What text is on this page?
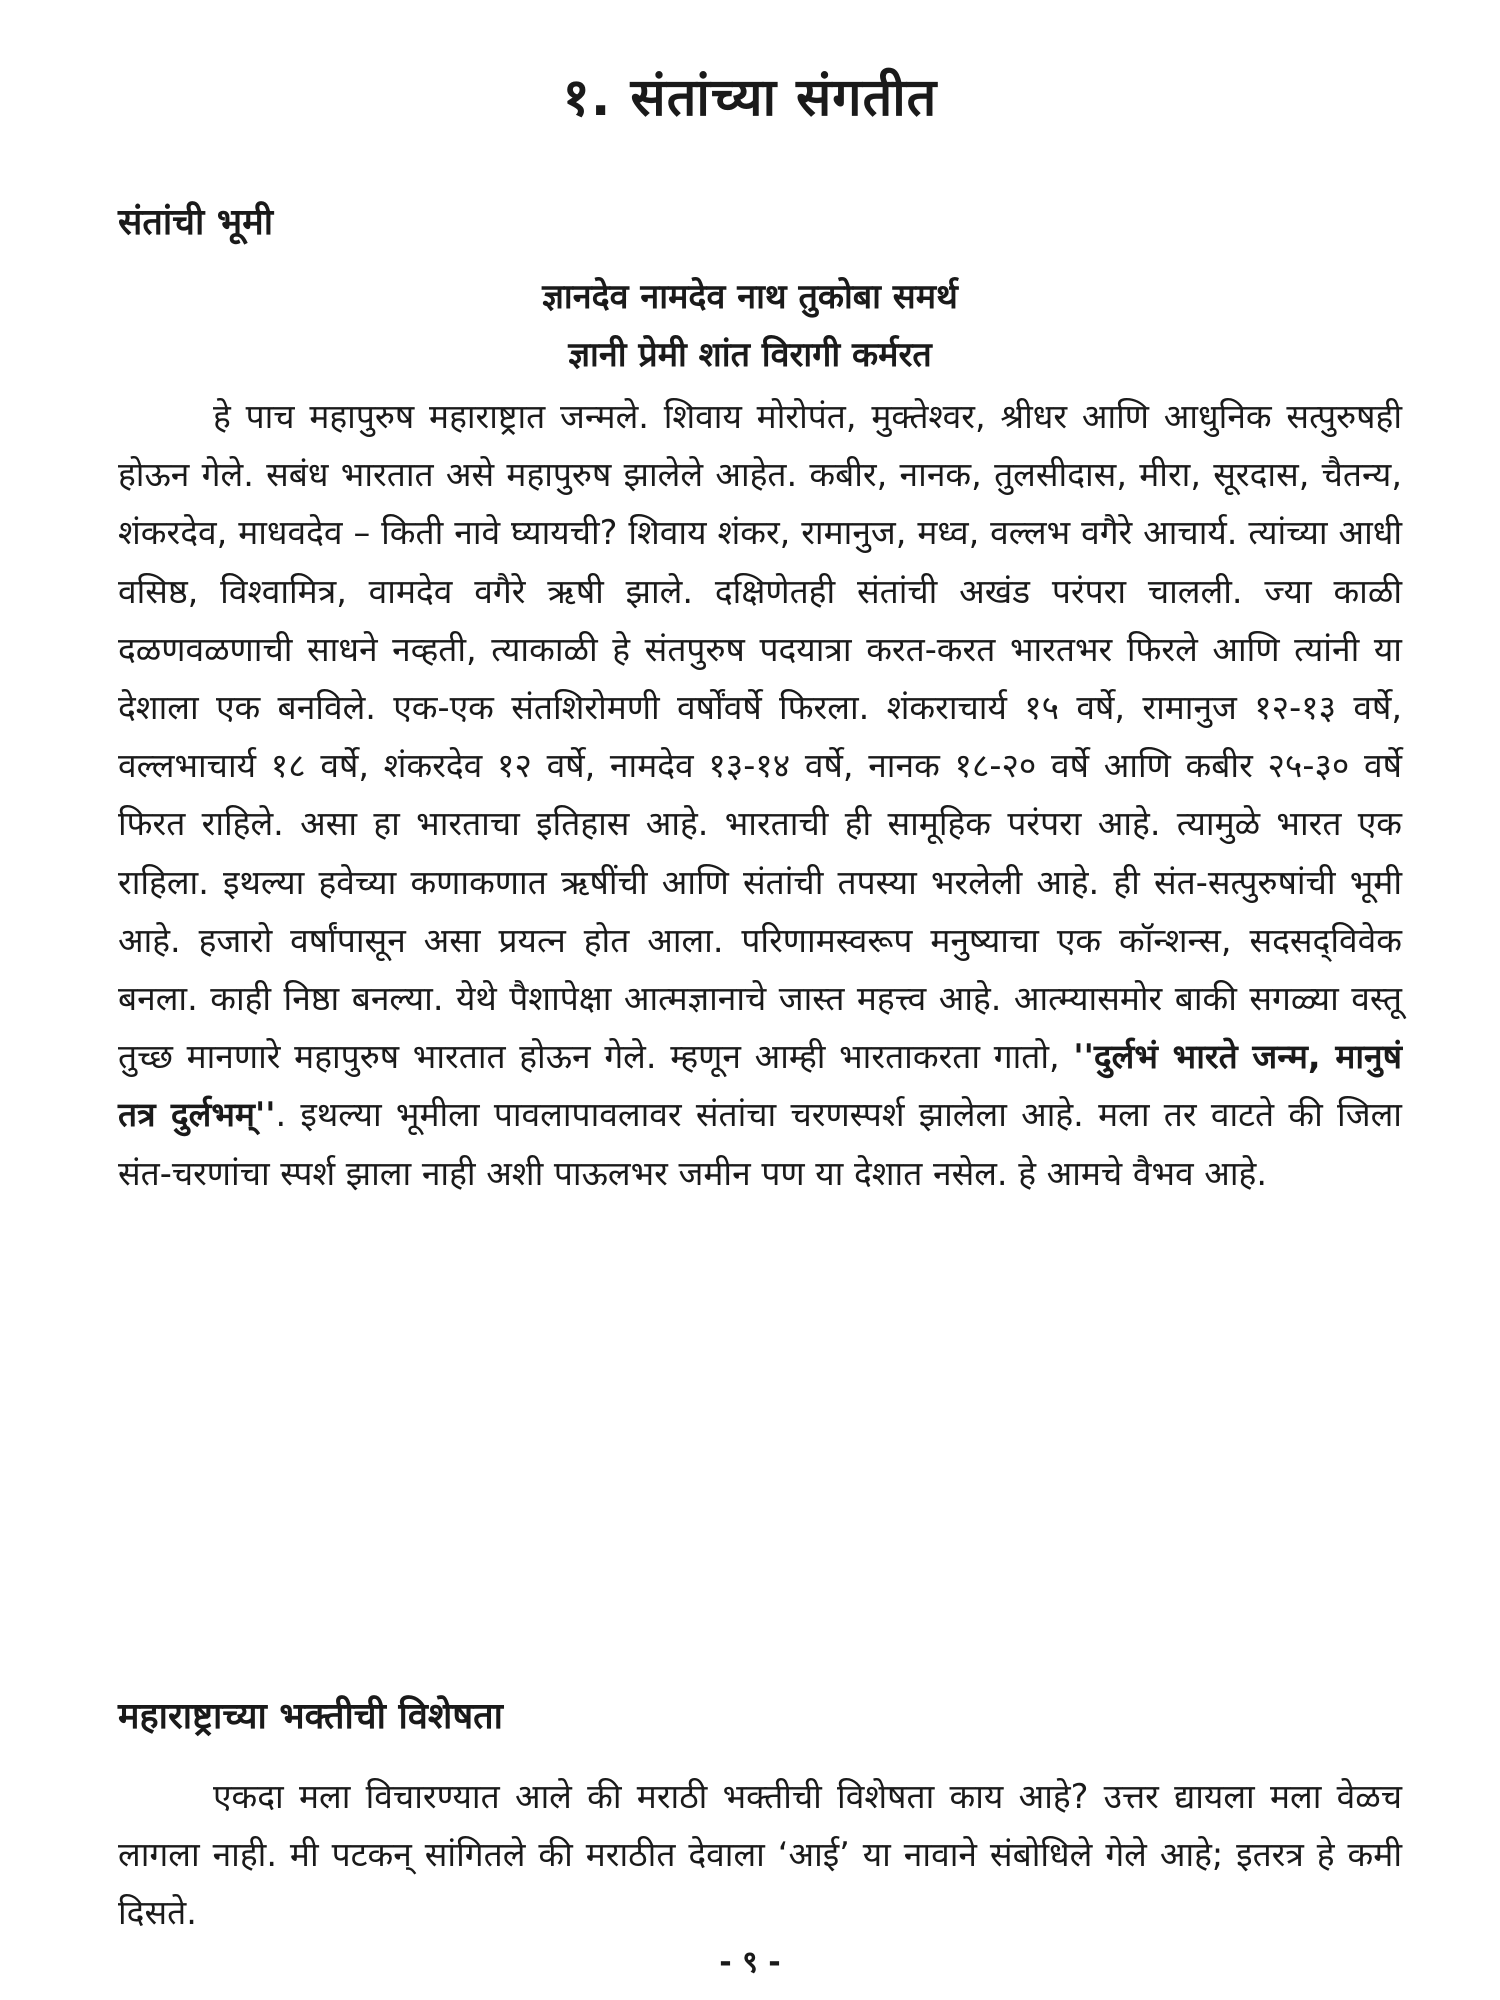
१. संतांच्या संगतीत
संतांची भूमी
ज्ञानदेव नामदेव नाथ तुकोबा समर्थ
ज्ञानी प्रेमी शांत विरागी कर्मरत

हे पाच महापुरुष महाराष्ट्रात जन्मले. शिवाय मोरोपंत, मुक्तेश्वर, श्रीधर आणि आधुनिक सत्पुरुषही होऊन गेले. सबंध भारतात असे महापुरुष झालेले आहेत. कबीर, नानक, तुलसीदास, मीरा, सूरदास, चैतन्य, शंकरदेव, माधवदेव – किती नावे घ्यायची? शिवाय शंकर, रामानुज, मध्व, वल्लभ वगैरे आचार्य. त्यांच्या आधी वसिष्ठ, विश्वामित्र, वामदेव वगैरे ऋषी झाले. दक्षिणेतही संतांची अखंड परंपरा चालली. ज्या काळी दळणवळणाची साधने नव्हती, त्याकाळी हे संतपुरुष पदयात्रा करत-करत भारतभर फिरले आणि त्यांनी या देशाला एक बनविले. एक-एक संतशिरोमणी वर्षोंवर्षे फिरला. शंकराचार्य १५ वर्षे, रामानुज १२-१३ वर्षे, वल्लभाचार्य १८ वर्षे, शंकरदेव १२ वर्षे, नामदेव १३-१४ वर्षे, नानक १८-२० वर्षे आणि कबीर २५-३० वर्षे फिरत राहिले. असा हा भारताचा इतिहास आहे. भारताची ही सामूहिक परंपरा आहे. त्यामुळे भारत एक राहिला. इथल्या हवेच्या कणाकणात ऋषींची आणि संतांची तपस्या भरलेली आहे. ही संत-सत्पुरुषांची भूमी आहे. हजारो वर्षांपासून असा प्रयत्न होत आला. परिणामस्वरूप मनुष्याचा एक कॉन्शन्स, सदसद्‌विवेक बनला. काही निष्ठा बनल्या. येथे पैशापेक्षा आत्मज्ञानाचे जास्त महत्त्व आहे. आत्म्यासमोर बाकी सगळ्या वस्तू तुच्छ मानणारे महापुरुष भारतात होऊन गेले. म्हणून आम्ही भारताकरता गातो, ''दुर्लभं भारते जन्म, मानुषं तत्र दुर्लभम्''. इथल्या भूमीला पावलापावलावर संतांचा चरणस्पर्श झालेला आहे. मला तर वाटते की जिला संत-चरणांचा स्पर्श झाला नाही अशी पाऊलभर जमीन पण या देशात नसेल. हे आमचे वैभव आहे.

महाराष्ट्राच्या भक्तीची विशेषता

एकदा मला विचारण्यात आले की मराठी भक्तीची विशेषता काय आहे? उत्तर द्यायला मला वेळच लागला नाही. मी पटकन्‌ सांगितले की मराठीत देवाला ‘आई’ या नावाने संबोधिले गेले आहे; इतरत्र हे कमी दिसते.

- ९ -
